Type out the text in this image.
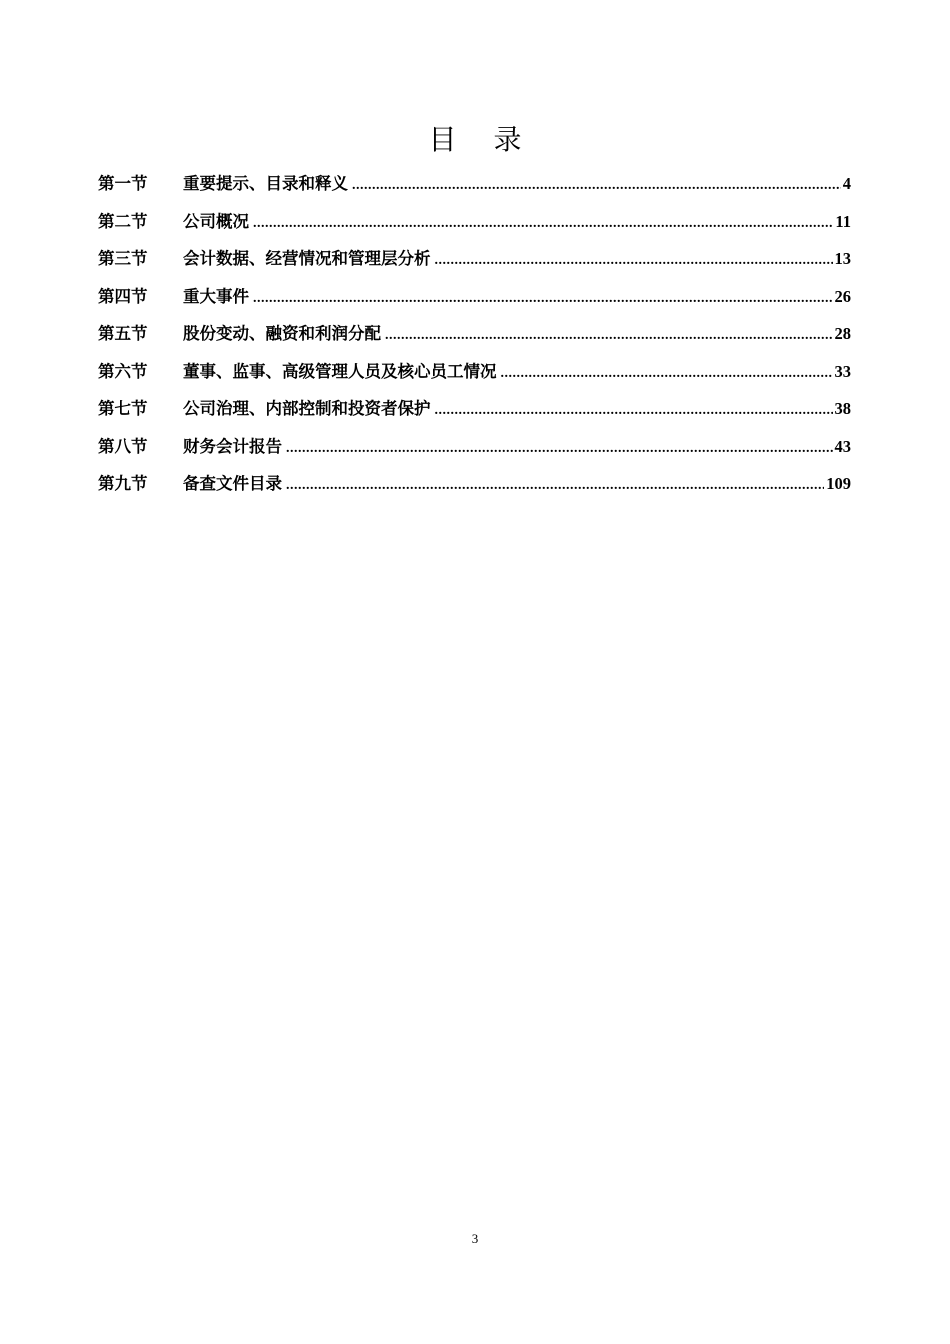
目 录
第一节	重要提示、目录和释义 .....	4
第二节	公司概况 .....	11
第三节	会计数据、经营情况和管理层分析 .....	13
第四节	重大事件 .....	26
第五节	股份变动、融资和利润分配 .....	28
第六节	董事、监事、高级管理人员及核心员工情况 .....	33
第七节	公司治理、内部控制和投资者保护 .....	38
第八节	财务会计报告 .....	43
第九节	备查文件目录 .....	109
3
